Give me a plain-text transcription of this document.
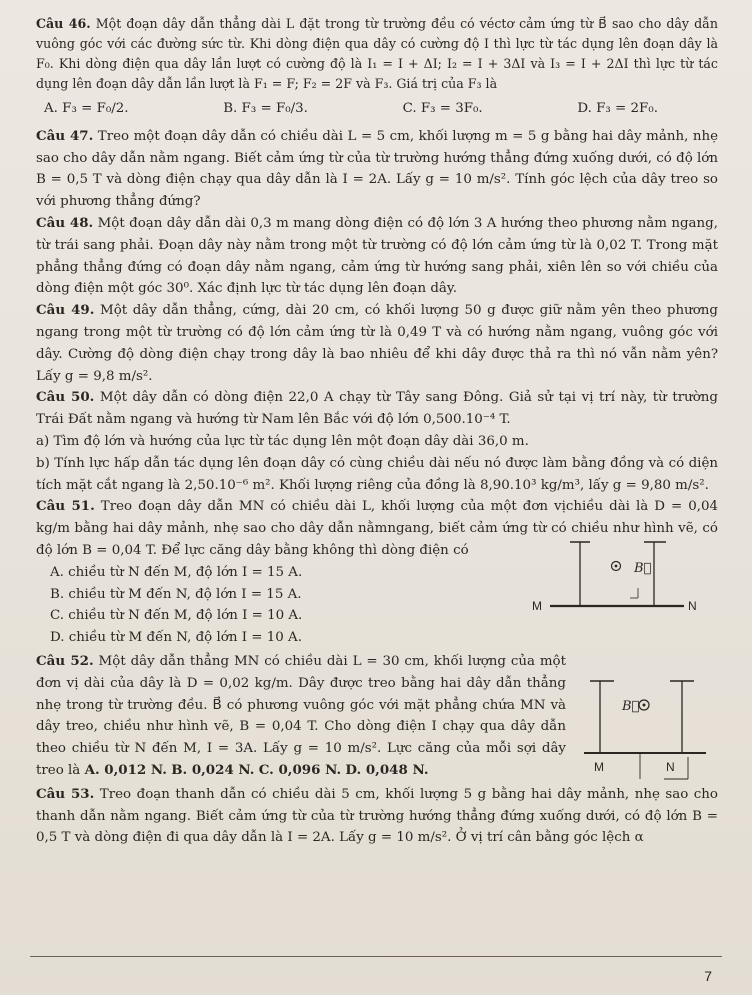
Câu 46. Một đoạn dây dẫn thẳng dài L đặt trong từ trường đều có véctơ cảm ứng từ B⃗ sao cho dây dẫn vuông góc với các đường sức từ. Khi dòng điện qua dây có cường độ I thì lực từ tác dụng lên đoạn dây là F₀. Khi dòng điện qua dây lần lượt có cường độ là I₁ = I + ΔI; I₂ = I + 3ΔI và I₃ = I + 2ΔI thì lực từ tác dụng lên đoạn dây dẫn lần lượt là F₁ = F; F₂ = 2F và F₃. Giá trị của F₃ là

A. F₃ = F₀/2.	B. F₃ = F₀/3.	C. F₃ = 3F₀.	D. F₃ = 2F₀.

Câu 47. Treo một đoạn dây dẫn có chiều dài L = 5 cm, khối lượng m = 5 g bằng hai dây mảnh, nhẹ sao cho dây dẫn nằm ngang. Biết cảm ứng từ của từ trường hướng thẳng đứng xuống dưới, có độ lớn B = 0,5 T và dòng điện chạy qua dây dẫn là I = 2A. Lấy g = 10 m/s². Tính góc lệch của dây treo so với phương thẳng đứng?

Câu 48. Một đoạn dây dẫn dài 0,3 m mang dòng điện có độ lớn 3 A hướng theo phương nằm ngang, từ trái sang phải. Đoạn dây này nằm trong một từ trường có độ lớn cảm ứng từ là 0,02 T. Trong mặt phẳng thẳng đứng có đoạn dây nằm ngang, cảm ứng từ hướng sang phải, xiên lên so với chiều của dòng điện một góc 30⁰. Xác định lực từ tác dụng lên đoạn dây.

Câu 49. Một dây dẫn thẳng, cứng, dài 20 cm, có khối lượng 50 g được giữ nằm yên theo phương ngang trong một từ trường có độ lớn cảm ứng từ là 0,49 T và có hướng nằm ngang, vuông góc với dây. Cường độ dòng điện chạy trong dây là bao nhiêu để khi dây được thả ra thì nó vẫn nằm yên? Lấy g = 9,8 m/s².

Câu 50. Một dây dẫn có dòng điện 22,0 A chạy từ Tây sang Đông. Giả sử tại vị trí này, từ trường Trái Đất nằm ngang và hướng từ Nam lên Bắc với độ lớn 0,500.10⁻⁴ T.

a) Tìm độ lớn và hướng của lực từ tác dụng lên một đoạn dây dài 36,0 m.

b) Tính lực hấp dẫn tác dụng lên đoạn dây có cùng chiều dài nếu nó được làm bằng đồng và có diện tích mặt cắt ngang là 2,50.10⁻⁶ m². Khối lượng riêng của đồng là 8,90.10³ kg/m³, lấy g = 9,80 m/s².

Câu 51. Treo đoạn dây dẫn MN có chiều dài L, khối lượng của một đơn vịchiều dài là D = 0,04 kg/m bằng hai dây mảnh, nhẹ sao cho dây dẫn nằmngang, biết cảm ứng từ có chiều như hình vẽ, có độ lớn B = 0,04 T. Để lực căng dây bằng không thì dòng điện có

A. chiều từ N đến M, độ lớn I = 15 A.

B. chiều từ M đến N, độ lớn I = 15 A.

C. chiều từ N đến M, độ lớn I = 10 A.

D. chiều từ M đến N, độ lớn I = 10 A.

B⃗
M	N

Câu 52. Một dây dẫn thẳng MN có chiều dài L = 30 cm, khối lượng của một đơn vị dài của dây là D = 0,02 kg/m. Dây được treo bằng hai dây dẫn thẳng nhẹ trong từ trường đều. B⃗ có phương vuông góc với mặt phẳng chứa MN và dây treo, chiều như hình vẽ, B = 0,04 T. Cho dòng điện I chạy qua dây dẫn theo chiều từ N đến M, I = 3A. Lấy g = 10 m/s². Lực căng của mỗi sợi dây treo là A. 0,012 N. B. 0,024 N. C. 0,096 N. D. 0,048 N.

B⃗
M	N

Câu 53. Treo đoạn thanh dẫn có chiều dài 5 cm, khối lượng 5 g bằng hai dây mảnh, nhẹ sao cho thanh dẫn nằm ngang. Biết cảm ứng từ của từ trường hướng thẳng đứng xuống dưới, có độ lớn B = 0,5 T và dòng điện đi qua dây dẫn là I = 2A. Lấy g = 10 m/s². Ở vị trí cân bằng góc lệch α

7
